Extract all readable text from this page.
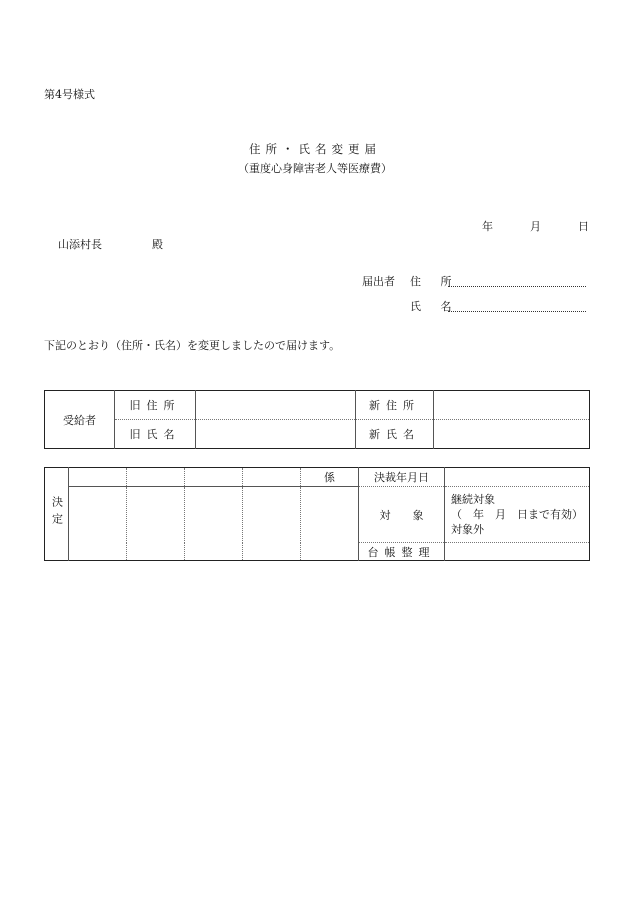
第4号様式
住所・氏名変更届
（重度心身障害老人等医療費）
年	月	日
山添村長	殿
届出者 住 所
氏 名
下記のとおり（住所・氏名）を変更しましたので届けます。
受給者	旧住所		新住所	
	旧氏名		新氏名	
決定					係	決裁年月日	
						対　　象	継続対象
（　年　月　日まで有効）
対象外

						台帳整理	
